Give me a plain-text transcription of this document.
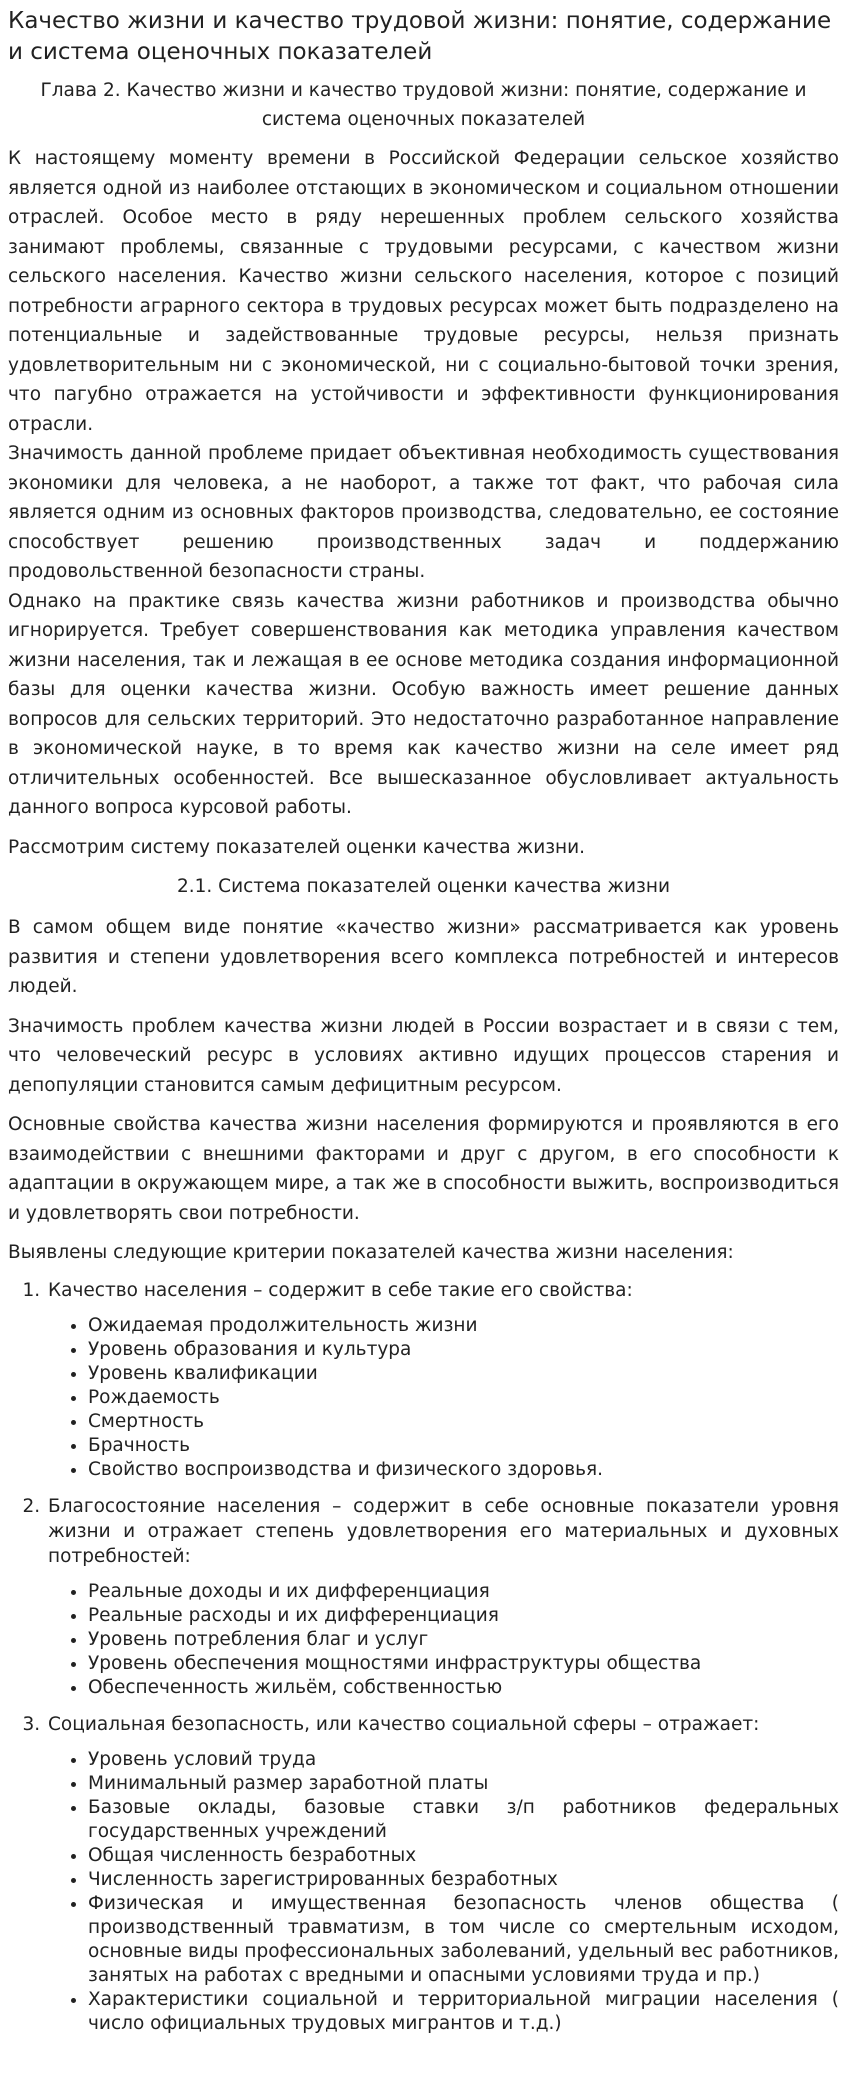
Качество жизни и качество трудовой жизни: понятие, содержание и система оценочных показателей
Глава 2. Качество жизни и качество трудовой жизни: понятие, содержание и система оценочных показателей

К настоящему моменту времени в Российской Федерации сельское хозяйство является одной из наиболее отстающих в экономическом и социальном отношении отраслей. Особое место в ряду нерешенных проблем сельского хозяйства занимают проблемы, связанные с трудовыми ресурсами, с качеством жизни сельского населения. Качество жизни сельского населения, которое с позиций потребности аграрного сектора в трудовых ресурсах может быть подразделено на потенциальные и задействованные трудовые ресурсы, нельзя признать удовлетворительным ни с экономической, ни с социально-бытовой точки зрения, что пагубно отражается на устойчивости и эффективности функционирования отрасли.

Значимость данной проблеме придает объективная необходимость существования экономики для человека, а не наоборот, а также тот факт, что рабочая сила является одним из основных факторов производства, следовательно, ее состояние способствует решению производственных задач и поддержанию продовольственной безопасности страны.

Однако на практике связь качества жизни работников и производства обычно игнорируется. Требует совершенствования как методика управления качеством жизни населения, так и лежащая в ее основе методика создания информационной базы для оценки качества жизни. Особую важность имеет решение данных вопросов для сельских территорий. Это недостаточно разработанное направление в экономической науке, в то время как качество жизни на селе имеет ряд отличительных особенностей. Все вышесказанное обусловливает актуальность данного вопроса курсовой работы.

Рассмотрим систему показателей оценки качества жизни.

2.1. Система показателей оценки качества жизни

В самом общем виде понятие «качество жизни» рассматривается как уровень развития и степени удовлетворения всего комплекса потребностей и интересов людей.

Значимость проблем качества жизни людей в России возрастает и в связи с тем, что человеческий ресурс в условиях активно идущих процессов старения и депопуляции становится самым дефицитным ресурсом.

Основные свойства качества жизни населения формируются и проявляются в его взаимодействии с внешними факторами и друг с другом, в его способности к адаптации в окружающем мире, а так же в способности выжить, воспроизводиться и удовлетворять свои потребности.

Выявлены следующие критерии показателей качества жизни населения:

1. Качество населения – содержит в себе такие его свойства:
• Ожидаемая продолжительность жизни
• Уровень образования и культура
• Уровень квалификации
• Рождаемость
• Смертность
• Брачность
• Свойство воспроизводства и физического здоровья.
2. Благосостояние населения – содержит в себе основные показатели уровня жизни и отражает степень удовлетворения его материальных и духовных потребностей:
• Реальные доходы и их дифференциация
• Реальные расходы и их дифференциация
• Уровень потребления благ и услуг
• Уровень обеспечения мощностями инфраструктуры общества
• Обеспеченность жильём, собственностью
3. Социальная безопасность, или качество социальной сферы – отражает:
• Уровень условий труда
• Минимальный размер заработной платы
• Базовые оклады, базовые ставки з/п работников федеральных государственных учреждений
• Общая численность безработных
• Численность зарегистрированных безработных
• Физическая и имущественная безопасность членов общества ( производственный травматизм, в том числе со смертельным исходом, основные виды профессиональных заболеваний, удельный вес работников, занятых на работах с вредными и опасными условиями труда и пр.)
• Характеристики социальной и территориальной миграции населения ( число официальных трудовых мигрантов и т.д.)
